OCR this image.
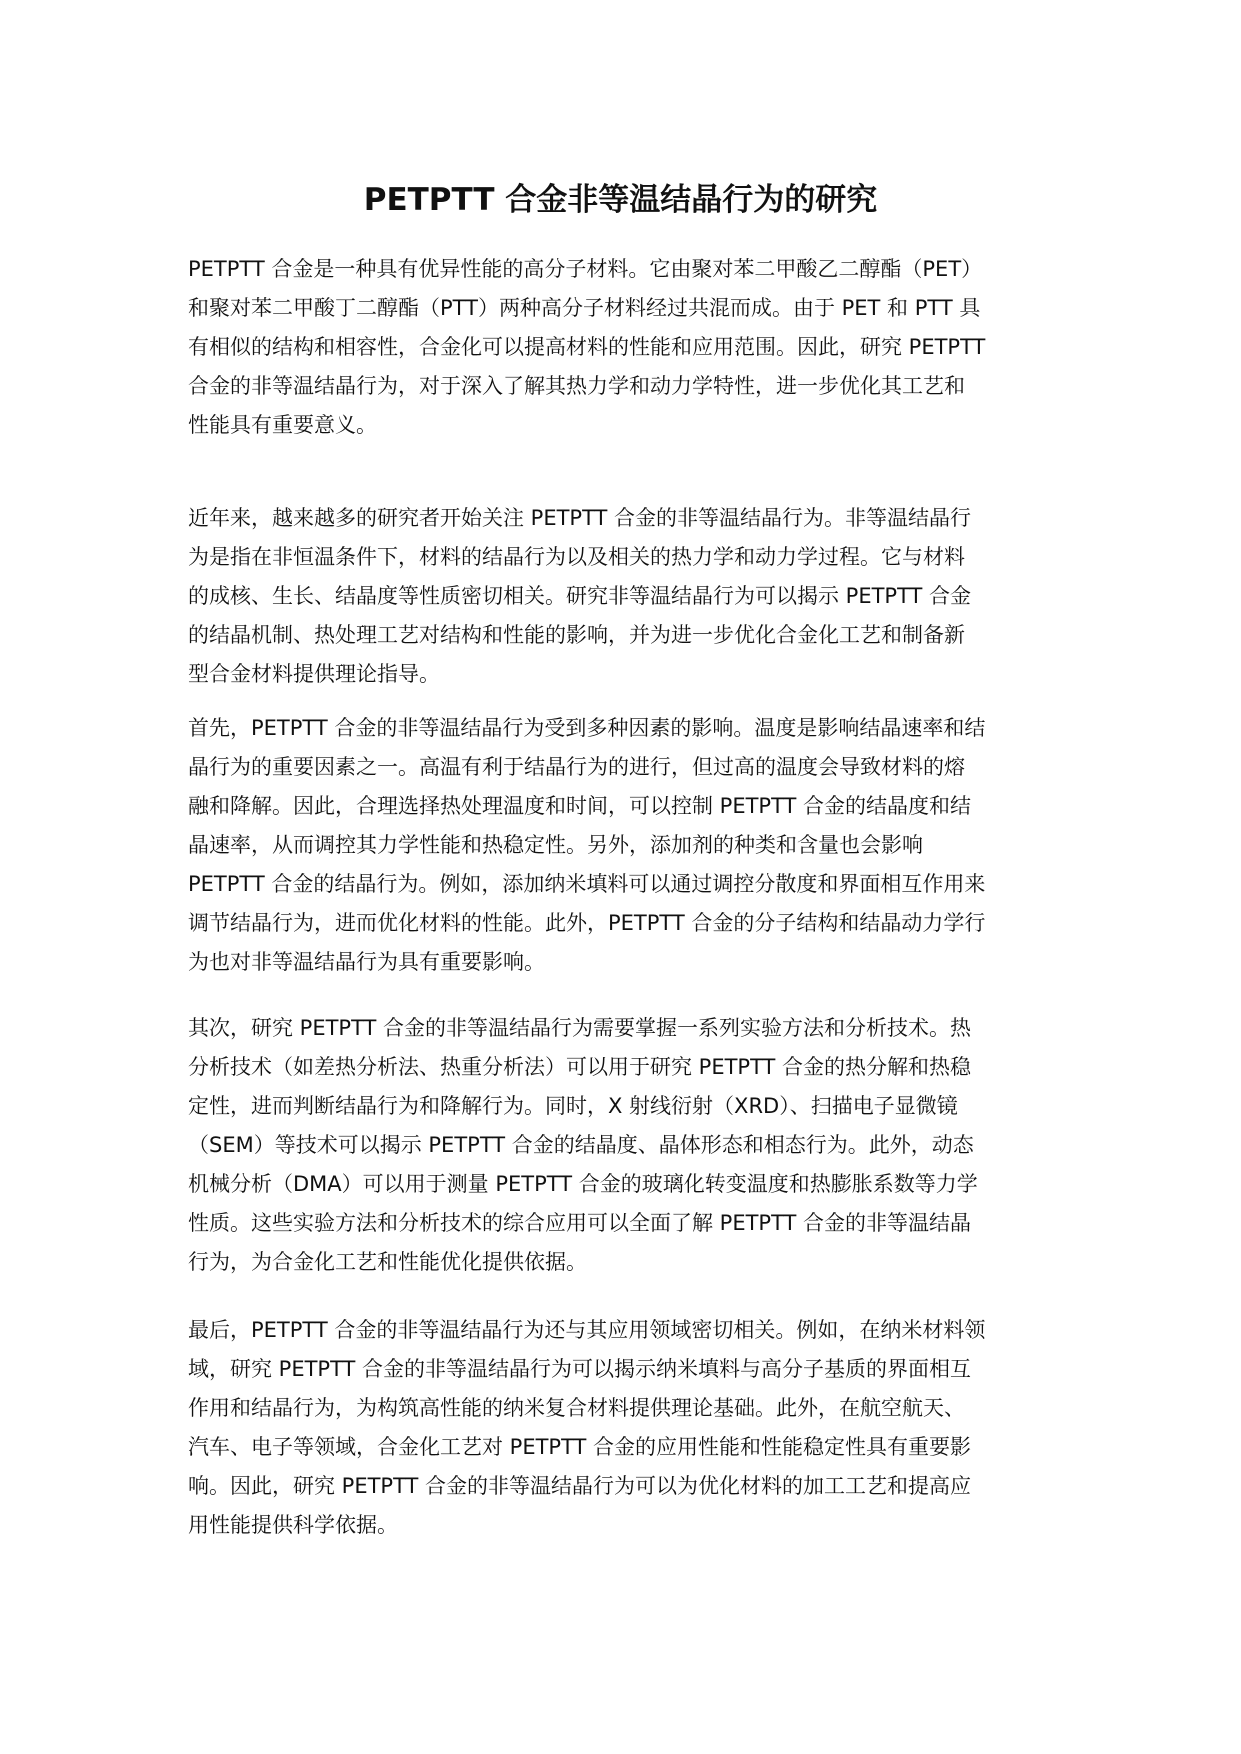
PETPTT 合金非等温结晶行为的研究

PETPTT 合金是一种具有优异性能的高分子材料。它由聚对苯二甲酸乙二醇酯（PET）
和聚对苯二甲酸丁二醇酯（PTT）两种高分子材料经过共混而成。由于 PET 和 PTT 具
有相似的结构和相容性，合金化可以提高材料的性能和应用范围。因此，研究 PETPTT
合金的非等温结晶行为，对于深入了解其热力学和动力学特性，进一步优化其工艺和
性能具有重要意义。

近年来，越来越多的研究者开始关注 PETPTT 合金的非等温结晶行为。非等温结晶行
为是指在非恒温条件下，材料的结晶行为以及相关的热力学和动力学过程。它与材料
的成核、生长、结晶度等性质密切相关。研究非等温结晶行为可以揭示 PETPTT 合金
的结晶机制、热处理工艺对结构和性能的影响，并为进一步优化合金化工艺和制备新
型合金材料提供理论指导。

首先，PETPTT 合金的非等温结晶行为受到多种因素的影响。温度是影响结晶速率和结
晶行为的重要因素之一。高温有利于结晶行为的进行，但过高的温度会导致材料的熔
融和降解。因此，合理选择热处理温度和时间，可以控制 PETPTT 合金的结晶度和结
晶速率，从而调控其力学性能和热稳定性。另外，添加剂的种类和含量也会影响
PETPTT 合金的结晶行为。例如，添加纳米填料可以通过调控分散度和界面相互作用来
调节结晶行为，进而优化材料的性能。此外，PETPTT 合金的分子结构和结晶动力学行
为也对非等温结晶行为具有重要影响。

其次，研究 PETPTT 合金的非等温结晶行为需要掌握一系列实验方法和分析技术。热
分析技术（如差热分析法、热重分析法）可以用于研究 PETPTT 合金的热分解和热稳
定性，进而判断结晶行为和降解行为。同时，X 射线衍射（XRD）、扫描电子显微镜
（SEM）等技术可以揭示 PETPTT 合金的结晶度、晶体形态和相态行为。此外，动态
机械分析（DMA）可以用于测量 PETPTT 合金的玻璃化转变温度和热膨胀系数等力学
性质。这些实验方法和分析技术的综合应用可以全面了解 PETPTT 合金的非等温结晶
行为，为合金化工艺和性能优化提供依据。

最后，PETPTT 合金的非等温结晶行为还与其应用领域密切相关。例如，在纳米材料领
域，研究 PETPTT 合金的非等温结晶行为可以揭示纳米填料与高分子基质的界面相互
作用和结晶行为，为构筑高性能的纳米复合材料提供理论基础。此外，在航空航天、
汽车、电子等领域，合金化工艺对 PETPTT 合金的应用性能和性能稳定性具有重要影
响。因此，研究 PETPTT 合金的非等温结晶行为可以为优化材料的加工工艺和提高应
用性能提供科学依据。
